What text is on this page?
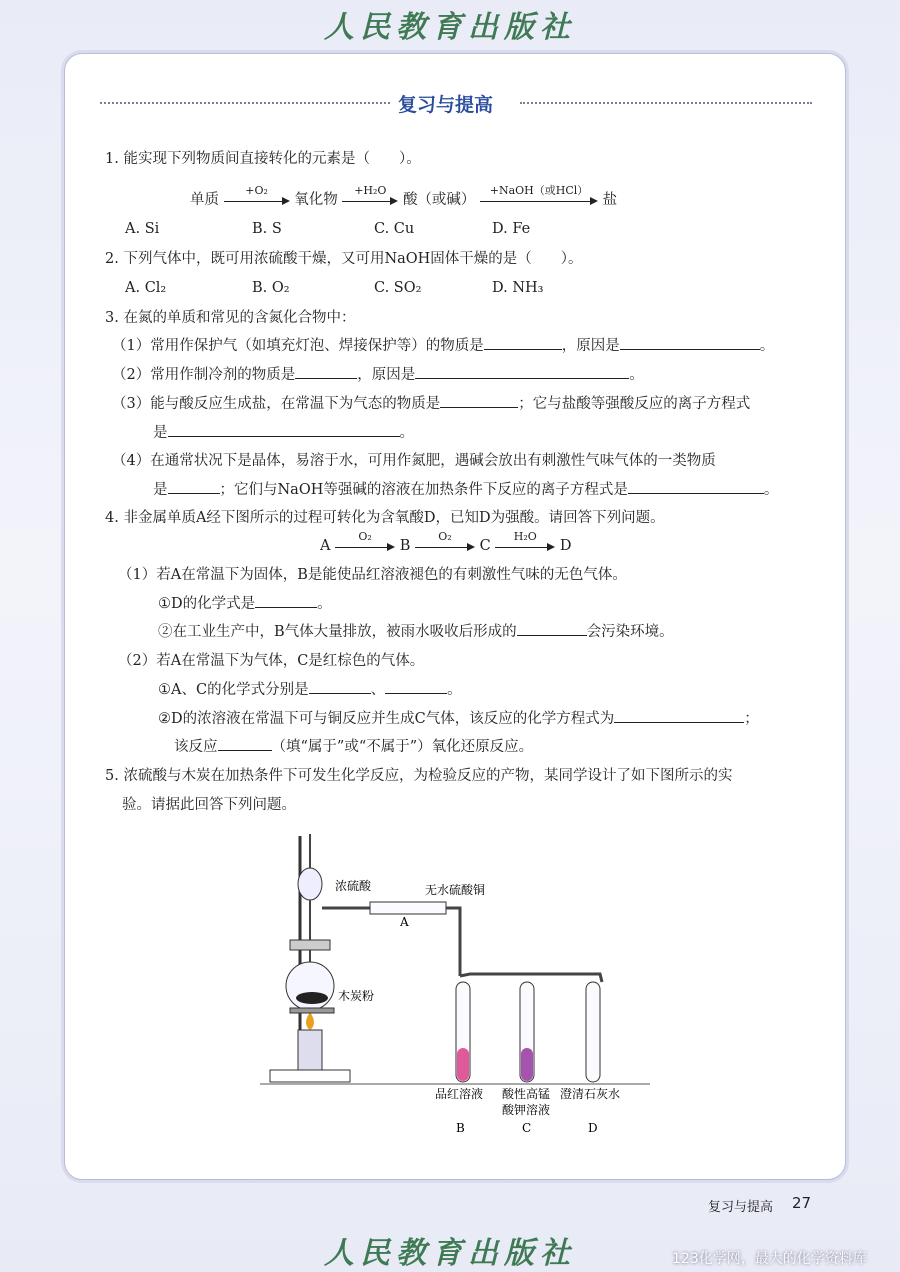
人民教育出版社
复习与提高
1. 能实现下列物质间直接转化的元素是（　　）。
单质
+O₂
氧化物
+H₂O
酸（或碱）
+NaOH（或HCl）
盐
A. Si	B. S	C. Cu	D. Fe
2. 下列气体中，既可用浓硫酸干燥，又可用NaOH固体干燥的是（　　）。
A. Cl₂	B. O₂	C. SO₂	D. NH₃
3. 在氮的单质和常见的含氮化合物中：
（1）常用作保护气（如填充灯泡、焊接保护等）的物质是	，原因是	。
（2）常用作制冷剂的物质是	，原因是	。
（3）能与酸反应生成盐，在常温下为气态的物质是	；它与盐酸等强酸反应的离子方程式
是	。
（4）在通常状况下是晶体，易溶于水，可用作氮肥，遇碱会放出有刺激性气味气体的一类物质
是	；它们与NaOH等强碱的溶液在加热条件下反应的离子方程式是	。
4. 非金属单质A经下图所示的过程可转化为含氧酸D，已知D为强酸。请回答下列问题。
A
O₂
B
O₂
C
H₂O
D
（1）若A在常温下为固体，B是能使品红溶液褪色的有刺激性气味的无色气体。
①D的化学式是	。
②在工业生产中，B气体大量排放，被雨水吸收后形成的	会污染环境。
（2）若A在常温下为气体，C是红棕色的气体。
①A、C的化学式分别是	、	。
②D的浓溶液在常温下可与铜反应并生成C气体，该反应的化学方程式为	；
该反应	（填“属于”或“不属于”）氧化还原反应。
5. 浓硫酸与木炭在加热条件下可发生化学反应，为检验反应的产物，某同学设计了如下图所示的实
验。请据此回答下列问题。
浓硫酸	无水硫酸铜
A
木炭粉
品红溶液 酸性高锰
酸钾溶液
澄清石灰水
B	C	D
复习与提高 27
人民教育出版社	123化学网，最大的化学资料库
